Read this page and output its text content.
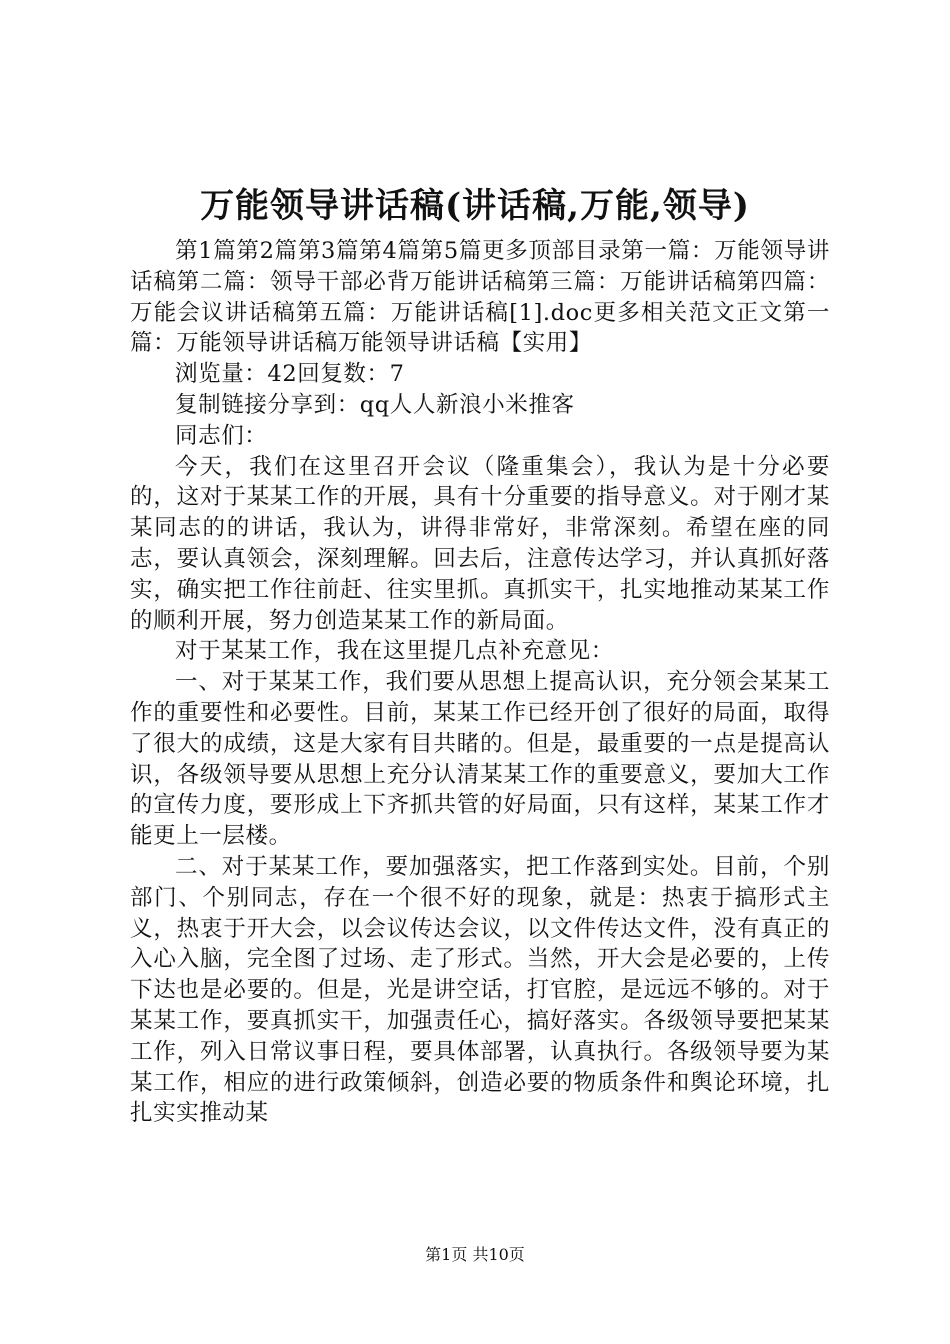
万能领导讲话稿(讲话稿,万能,领导)

第1篇第2篇第3篇第4篇第5篇更多顶部目录第一篇：万能领导讲话稿第二篇：领导干部必背万能讲话稿第三篇：万能讲话稿第四篇：万能会议讲话稿第五篇：万能讲话稿[1].doc更多相关范文正文第一篇：万能领导讲话稿万能领导讲话稿【实用】

浏览量：42回复数：7

复制链接分享到：qq人人新浪小米推客

同志们：

今天，我们在这里召开会议（隆重集会），我认为是十分必要的，这对于某某工作的开展，具有十分重要的指导意义。对于刚才某某同志的的讲话，我认为，讲得非常好，非常深刻。希望在座的同志，要认真领会，深刻理解。回去后，注意传达学习，并认真抓好落实，确实把工作往前赶、往实里抓。真抓实干，扎实地推动某某工作的顺利开展，努力创造某某工作的新局面。

对于某某工作，我在这里提几点补充意见：

一、对于某某工作，我们要从思想上提高认识，充分领会某某工作的重要性和必要性。目前，某某工作已经开创了很好的局面，取得了很大的成绩，这是大家有目共睹的。但是，最重要的一点是提高认识，各级领导要从思想上充分认清某某工作的重要意义，要加大工作的宣传力度，要形成上下齐抓共管的好局面，只有这样，某某工作才能更上一层楼。

二、对于某某工作，要加强落实，把工作落到实处。目前，个别部门、个别同志，存在一个很不好的现象，就是：热衷于搞形式主义，热衷于开大会，以会议传达会议，以文件传达文件，没有真正的入心入脑，完全图了过场、走了形式。当然，开大会是必要的，上传下达也是必要的。但是，光是讲空话，打官腔，是远远不够的。对于某某工作，要真抓实干，加强责任心，搞好落实。各级领导要把某某工作，列入日常议事日程，要具体部署，认真执行。各级领导要为某某工作，相应的进行政策倾斜，创造必要的物质条件和舆论环境，扎扎实实推动某

第1页 共10页
